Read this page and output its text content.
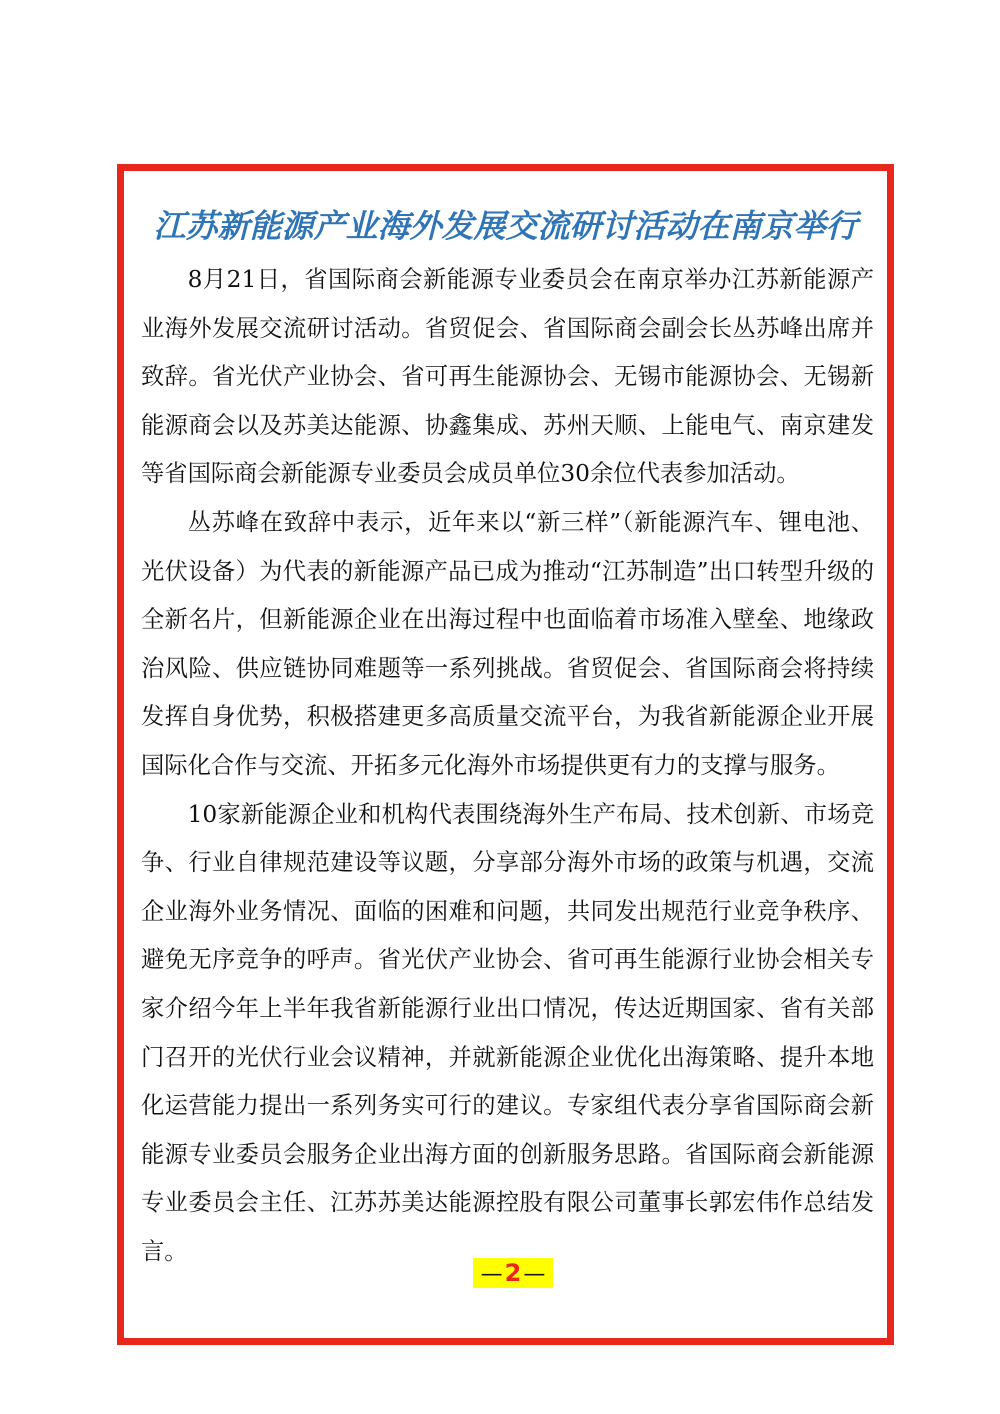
江苏新能源产业海外发展交流研讨活动在南京举行

8月21日，省国际商会新能源专业委员会在南京举办江苏新能源产业海外发展交流研讨活动。省贸促会、省国际商会副会长丛苏峰出席并致辞。省光伏产业协会、省可再生能源协会、无锡市能源协会、无锡新能源商会以及苏美达能源、协鑫集成、苏州天顺、上能电气、南京建发等省国际商会新能源专业委员会成员单位30余位代表参加活动。

丛苏峰在致辞中表示，近年来以“新三样”（新能源汽车、锂电池、光伏设备）为代表的新能源产品已成为推动“江苏制造”出口转型升级的全新名片，但新能源企业在出海过程中也面临着市场准入壁垒、地缘政治风险、供应链协同难题等一系列挑战。省贸促会、省国际商会将持续发挥自身优势，积极搭建更多高质量交流平台，为我省新能源企业开展国际化合作与交流、开拓多元化海外市场提供更有力的支撑与服务。

10家新能源企业和机构代表围绕海外生产布局、技术创新、市场竞争、行业自律规范建设等议题，分享部分海外市场的政策与机遇，交流企业海外业务情况、面临的困难和问题，共同发出规范行业竞争秩序、避免无序竞争的呼声。省光伏产业协会、省可再生能源行业协会相关专家介绍今年上半年我省新能源行业出口情况，传达近期国家、省有关部门召开的光伏行业会议精神，并就新能源企业优化出海策略、提升本地化运营能力提出一系列务实可行的建议。专家组代表分享省国际商会新能源专业委员会服务企业出海方面的创新服务思路。省国际商会新能源专业委员会主任、江苏苏美达能源控股有限公司董事长郭宏伟作总结发言。

—2—
